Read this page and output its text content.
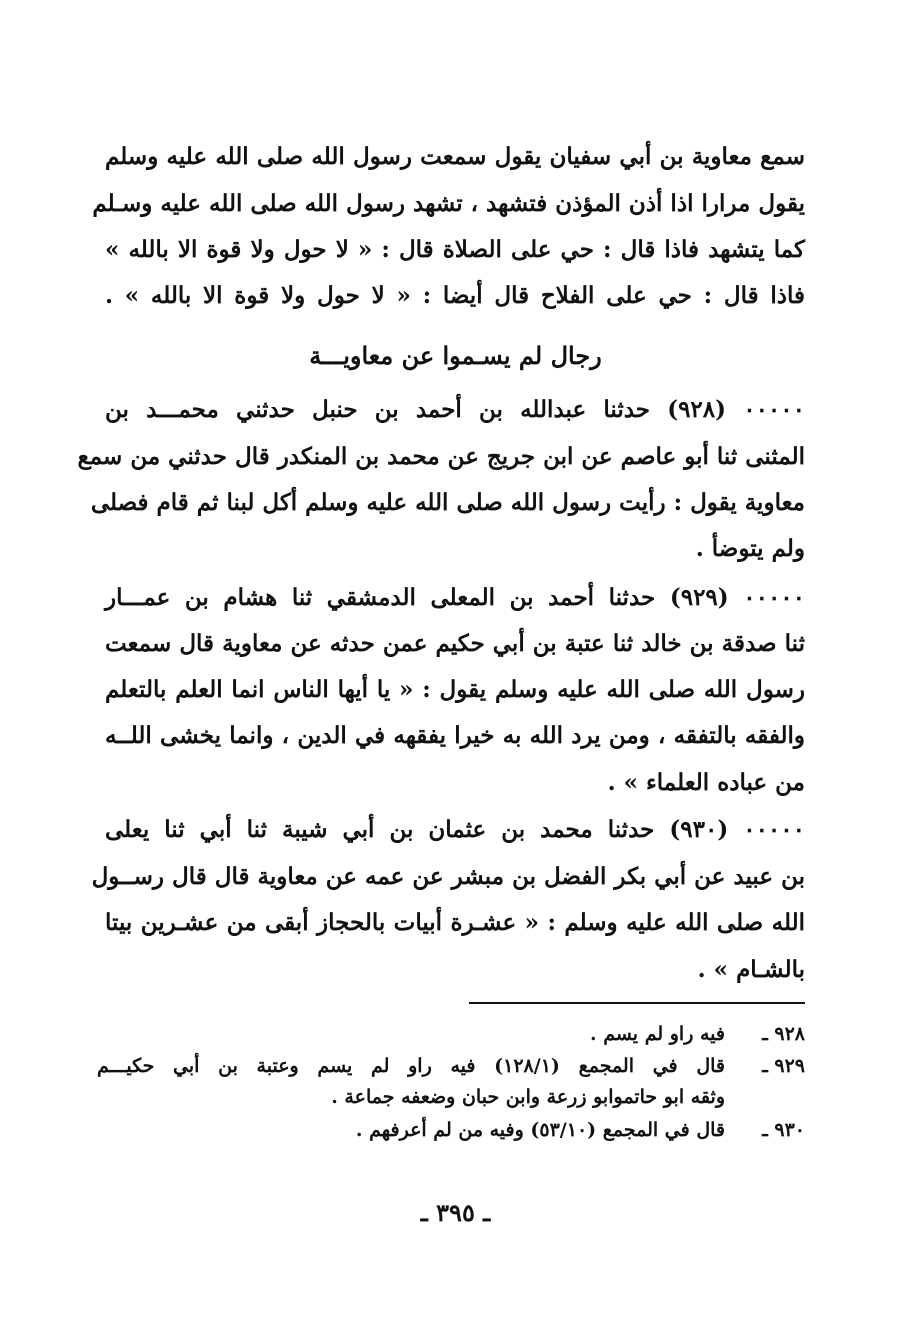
سمع معاوية بن أبي سفيان يقول سمعت رسول الله صلى الله عليه وسلم
يقول مرارا اذا أذن المؤذن فتشهد ، تشهد رسول الله صلى الله عليه وسـلم
كما يتشهد فاذا قال : حي على الصلاة قال : « لا حول ولا قوة الا بالله »
فاذا قال : حي على الفلاح قال أيضا : « لا حول ولا قوة الا بالله » .
رجال لم يسـموا عن معاويـــة
٠٠٠٠٠ (٩٢٨) حدثنا عبدالله بن أحمد بن حنبل حدثني محمـــد بن
المثنى ثنا أبو عاصم عن ابن جريج عن محمد بن المنكدر قال حدثني من سمع
معاوية يقول : رأيت رسول الله صلى الله عليه وسلم أكل لبنا ثم قام فصلى
ولم يتوضأ .
٠٠٠٠٠ (٩٢٩) حدثنا أحمد بن المعلى الدمشقي ثنا هشام بن عمـــار
ثنا صدقة بن خالد ثنا عتبة بن أبي حكيم عمن حدثه عن معاوية قال سمعت
رسول الله صلى الله عليه وسلم يقول : « يا أيها الناس انما العلم بالتعلم
والفقه بالتفقه ، ومن يرد الله به خيرا يفقهه في الدين ، وانما يخشى اللــه
من عباده العلماء » .
٠٠٠٠٠ (٩٣٠) حدثنا محمد بن عثمان بن أبي شيبة ثنا أبي ثنا يعلى
بن عبيد عن أبي بكر الفضل بن مبشر عن عمه عن معاوية قال قال رســول
الله صلى الله عليه وسلم : « عشـرة أبيات بالحجاز أبقى من عشـرين بيتا
بالشـام » .
٩٢٨ ـ
فيه راو لم يسم .
٩٢٩ ـ
قال في المجمع (١٢٨/١) فيه راو لم يسم وعتبة بن أبي حكيـــم
وثقه ابو حاتموابو زرعة وابن حبان وضعفه جماعة .
٩٣٠ ـ
قال في المجمع (٥٣/١٠) وفيه من لم أعرفهم .
ـ ٣٩٥ ـ
